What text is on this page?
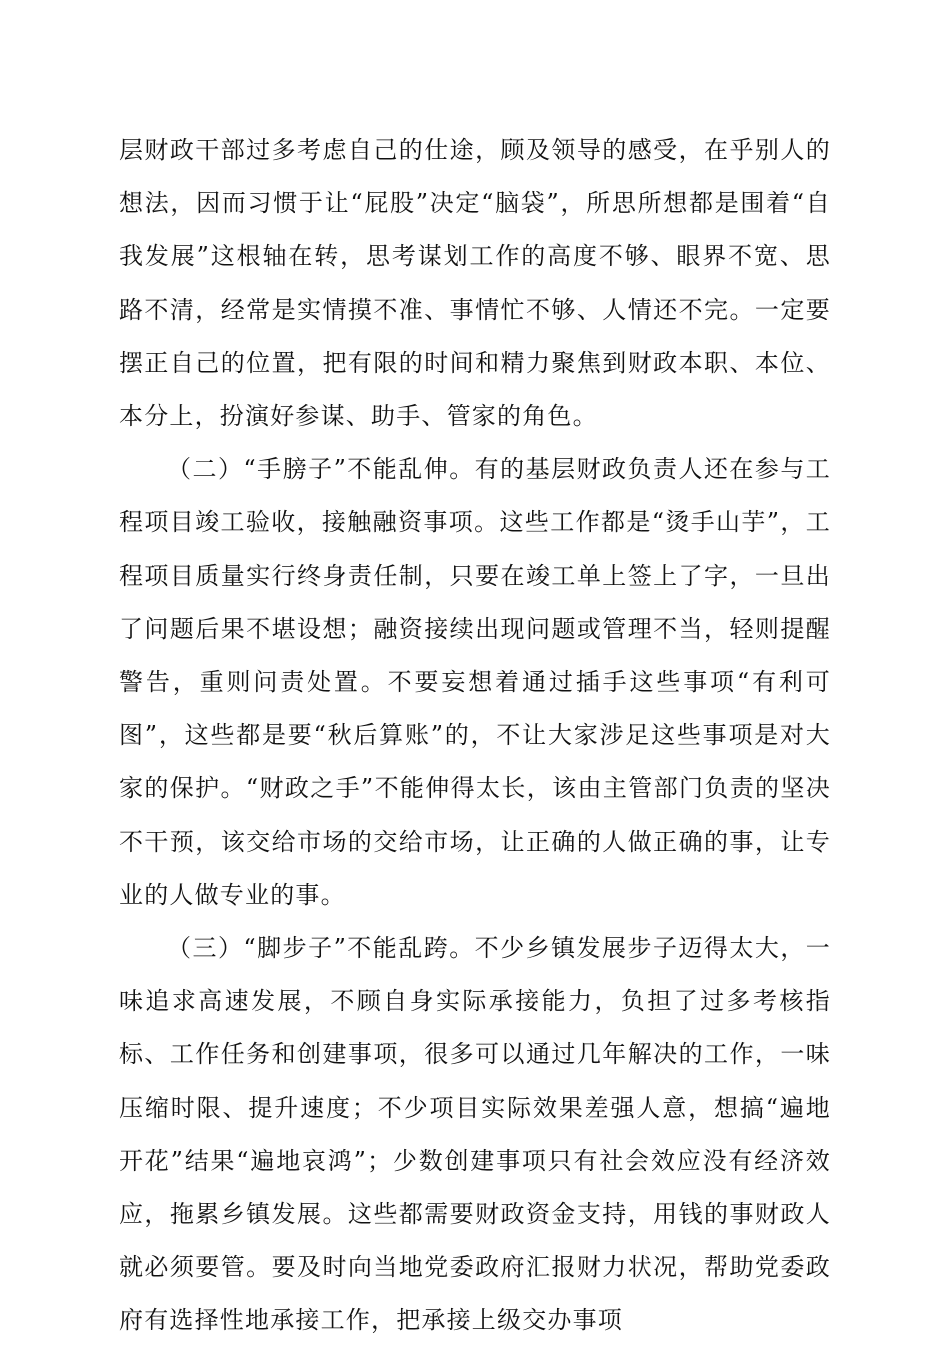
层财政干部过多考虑自己的仕途，顾及领导的感受，在乎别人的想法，因而习惯于让“屁股”决定“脑袋”，所思所想都是围着“自我发展”这根轴在转，思考谋划工作的高度不够、眼界不宽、思路不清，经常是实情摸不准、事情忙不够、人情还不完。一定要摆正自己的位置，把有限的时间和精力聚焦到财政本职、本位、本分上，扮演好参谋、助手、管家的角色。

（二）“手膀子”不能乱伸。有的基层财政负责人还在参与工程项目竣工验收，接触融资事项。这些工作都是“烫手山芋”，工程项目质量实行终身责任制，只要在竣工单上签上了字，一旦出了问题后果不堪设想；融资接续出现问题或管理不当，轻则提醒警告，重则问责处置。不要妄想着通过插手这些事项“有利可图”，这些都是要“秋后算账”的，不让大家涉足这些事项是对大家的保护。“财政之手”不能伸得太长，该由主管部门负责的坚决不干预，该交给市场的交给市场，让正确的人做正确的事，让专业的人做专业的事。

（三）“脚步子”不能乱跨。不少乡镇发展步子迈得太大，一味追求高速发展，不顾自身实际承接能力，负担了过多考核指标、工作任务和创建事项，很多可以通过几年解决的工作，一味压缩时限、提升速度；不少项目实际效果差强人意，想搞“遍地开花”结果“遍地哀鸿”；少数创建事项只有社会效应没有经济效应，拖累乡镇发展。这些都需要财政资金支持，用钱的事财政人就必须要管。要及时向当地党委政府汇报财力状况，帮助党委政府有选择性地承接工作，把承接上级交办事项
